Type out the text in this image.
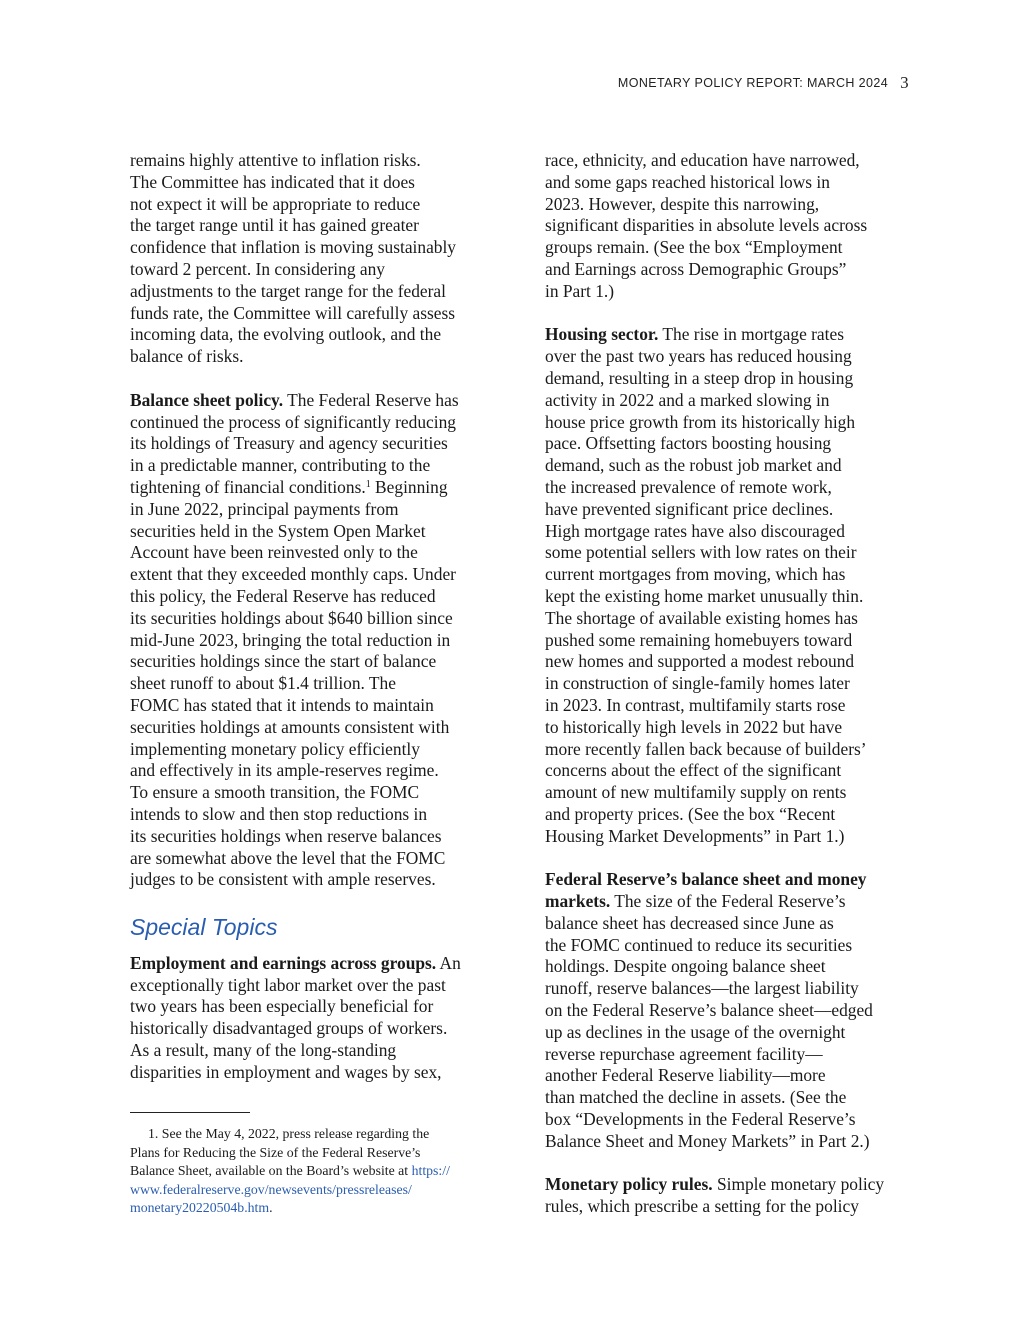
MONETARY POLICY REPORT: MARCH 2024 3

remains highly attentive to inflation risks.
The Committee has indicated that it does
not expect it will be appropriate to reduce
the target range until it has gained greater
confidence that inflation is moving sustainably
toward 2 percent. In considering any
adjustments to the target range for the federal
funds rate, the Committee will carefully assess
incoming data, the evolving outlook, and the
balance of risks.

Balance sheet policy. The Federal Reserve has
continued the process of significantly reducing
its holdings of Treasury and agency securities
in a predictable manner, contributing to the
tightening of financial conditions.$^1$ Beginning
in June 2022, principal payments from
securities held in the System Open Market
Account have been reinvested only to the
extent that they exceeded monthly caps. Under
this policy, the Federal Reserve has reduced
its securities holdings about $640 billion since
mid-June 2023, bringing the total reduction in
securities holdings since the start of balance
sheet runoff to about $1.4 trillion. The
FOMC has stated that it intends to maintain
securities holdings at amounts consistent with
implementing monetary policy efficiently
and effectively in its ample-reserves regime.
To ensure a smooth transition, the FOMC
intends to slow and then stop reductions in
its securities holdings when reserve balances
are somewhat above the level that the FOMC
judges to be consistent with ample reserves.

Special Topics

Employment and earnings across groups. An
exceptionally tight labor market over the past
two years has been especially beneficial for
historically disadvantaged groups of workers.
As a result, many of the long-standing
disparities in employment and wages by sex,

1. See the May 4, 2022, press release regarding the
Plans for Reducing the Size of the Federal Reserve’s
Balance Sheet, available on the Board’s website at https://
www.federalreserve.gov/newsevents/pressreleases/
monetary20220504b.htm.

race, ethnicity, and education have narrowed,
and some gaps reached historical lows in
2023. However, despite this narrowing,
significant disparities in absolute levels across
groups remain. (See the box “Employment
and Earnings across Demographic Groups”
in Part 1.)

Housing sector. The rise in mortgage rates
over the past two years has reduced housing
demand, resulting in a steep drop in housing
activity in 2022 and a marked slowing in
house price growth from its historically high
pace. Offsetting factors boosting housing
demand, such as the robust job market and
the increased prevalence of remote work,
have prevented significant price declines.
High mortgage rates have also discouraged
some potential sellers with low rates on their
current mortgages from moving, which has
kept the existing home market unusually thin.
The shortage of available existing homes has
pushed some remaining homebuyers toward
new homes and supported a modest rebound
in construction of single-family homes later
in 2023. In contrast, multifamily starts rose
to historically high levels in 2022 but have
more recently fallen back because of builders’
concerns about the effect of the significant
amount of new multifamily supply on rents
and property prices. (See the box “Recent
Housing Market Developments” in Part 1.)

Federal Reserve’s balance sheet and money
markets. The size of the Federal Reserve’s
balance sheet has decreased since June as
the FOMC continued to reduce its securities
holdings. Despite ongoing balance sheet
runoff, reserve balances—the largest liability
on the Federal Reserve’s balance sheet—edged
up as declines in the usage of the overnight
reverse repurchase agreement facility—
another Federal Reserve liability—more
than matched the decline in assets. (See the
box “Developments in the Federal Reserve’s
Balance Sheet and Money Markets” in Part 2.)

Monetary policy rules. Simple monetary policy
rules, which prescribe a setting for the policy
